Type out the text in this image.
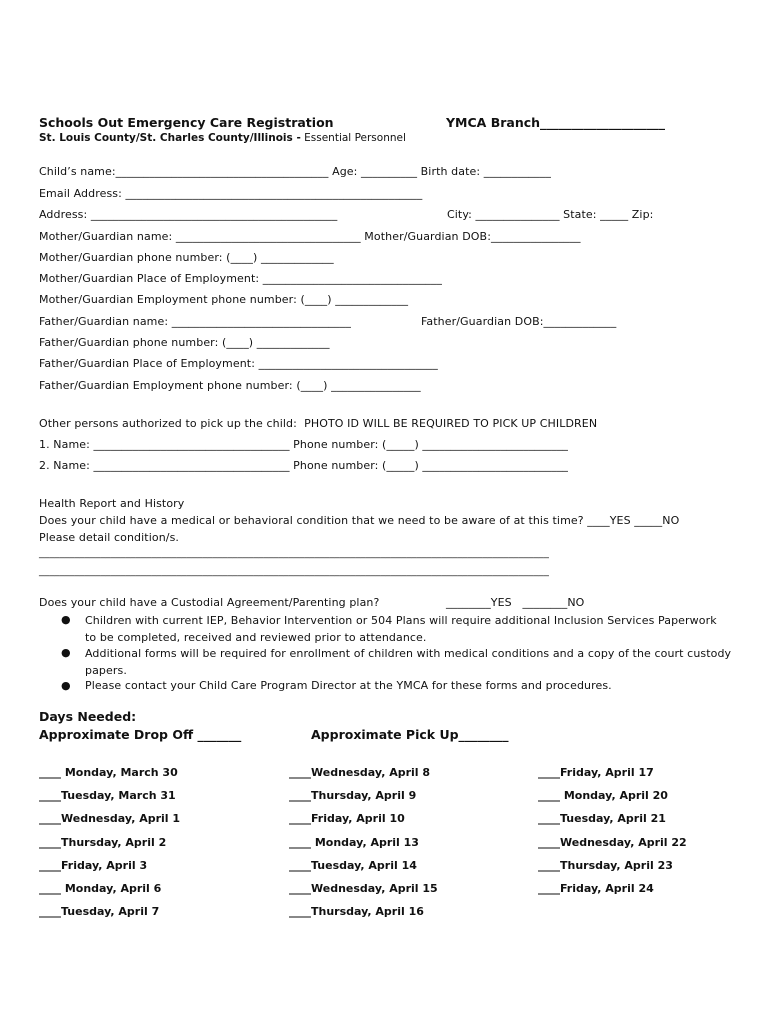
Schools Out Emergency Care Registration	YMCA Branch____________________
St. Louis County/St. Charles County/Illinois - Essential Personnel
Child’s name:______________________________________ Age: __________ Birth date: ____________
Email Address: _____________________________________________________
Address: ____________________________________________	City: _______________ State: _____ Zip:
Mother/Guardian name: _________________________________ Mother/Guardian DOB:________________
Mother/Guardian phone number: (____) _____________
Mother/Guardian Place of Employment: ________________________________
Mother/Guardian Employment phone number: (____) _____________
Father/Guardian name: ________________________________	Father/Guardian DOB:_____________
Father/Guardian phone number: (____) _____________
Father/Guardian Place of Employment: ________________________________
Father/Guardian Employment phone number: (____) ________________
Other persons authorized to pick up the child:  PHOTO ID WILL BE REQUIRED TO PICK UP CHILDREN
1. Name: ___________________________________ Phone number: (_____) __________________________
2. Name: ___________________________________ Phone number: (_____) __________________________
Health Report and History
Does your child have a medical or behavioral condition that we need to be aware of at this time? ____YES _____NO
Please detail condition/s.
____________________________________________________________________________________________________
____________________________________________________________________________________________________
Does your child have a Custodial Agreement/Parenting plan?	________YES   ________NO
● Children with current IEP, Behavior Intervention or 504 Plans will require additional Inclusion Services Paperwork
to be completed, received and reviewed prior to attendance.
● Additional forms will be required for enrollment of children with medical conditions and a copy of the court custody
papers.
● Please contact your Child Care Program Director at the YMCA for these forms and procedures.
Days Needed:
Approximate Drop Off _______	Approximate Pick Up________
____ Monday, March 30
____Tuesday, March 31
____Wednesday, April 1
____Thursday, April 2
____Friday, April 3
____ Monday, April 6
____Tuesday, April 7
____Wednesday, April 8
____Thursday, April 9
____Friday, April 10
____ Monday, April 13
____Tuesday, April 14
____Wednesday, April 15
____Thursday, April 16
____Friday, April 17
____ Monday, April 20
____Tuesday, April 21
____Wednesday, April 22
____Thursday, April 23
____Friday, April 24
